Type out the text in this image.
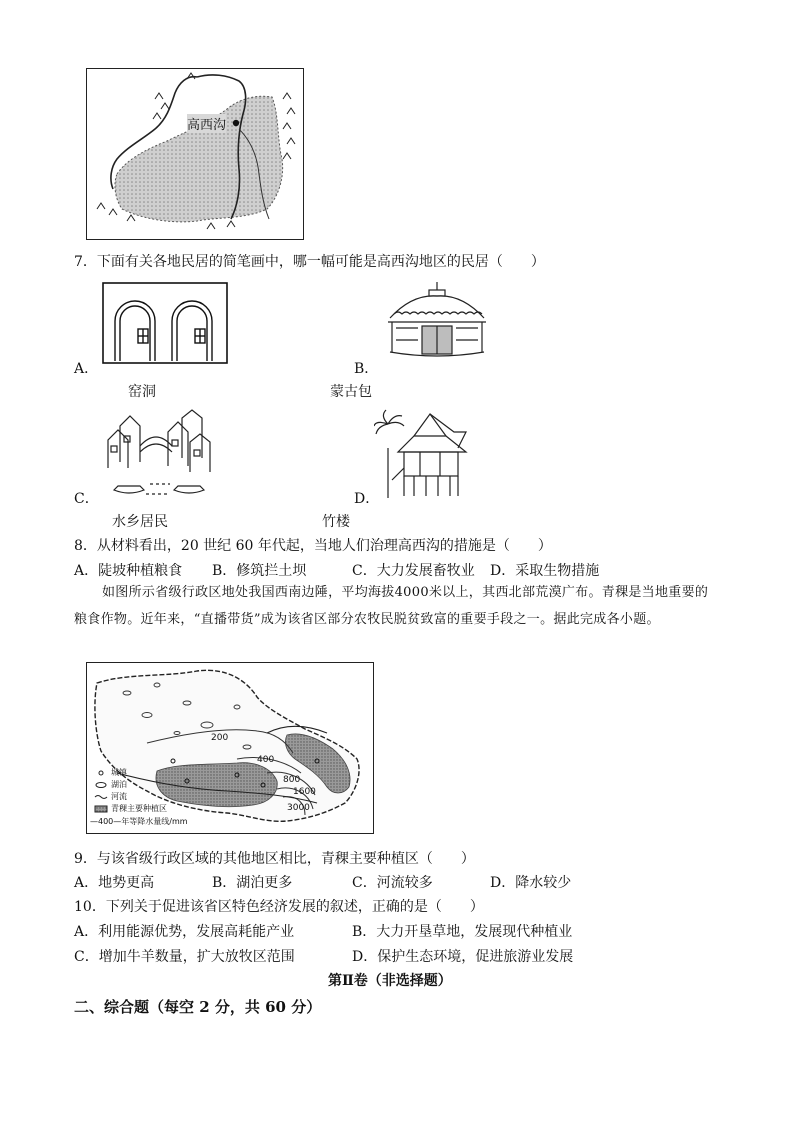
高西沟
7．下面有关各地民居的简笔画中，哪一幅可能是高西沟地区的民居（　　）
A．
窑洞
B．
蒙古包
C．
水乡居民
D．
竹楼
8．从材料看出，20 世纪 60 年代起，当地人们治理高西沟的措施是（　　）
A．陡坡种植粮食 B．修筑拦土坝	C．大力发展畜牧业 D．采取生物措施
如图所示省级行政区地处我国西南边陲，平均海拔4000米以上，其西北部荒漠广布。青稞是当地重要的粮食作物。近年来，“直播带货”成为该省区部分农牧民脱贫致富的重要手段之一。据此完成各小题。
城镇
湖泊
河流
青稞主要种植区
—400—年等降水量线/mm
200
400
800
1600
3000
9．与该省级行政区域的其他地区相比，青稞主要种植区（　　）
A．地势更高	B．湖泊更多	C．河流较多	D．降水较少
10．下列关于促进该省区特色经济发展的叙述，正确的是（　　）
A．利用能源优势，发展高耗能产业	B．大力开垦草地，发展现代种植业
C．增加牛羊数量，扩大放牧区范围	D．保护生态环境，促进旅游业发展
第Ⅱ卷（非选择题）
二、综合题（每空 2 分，共 60 分）
